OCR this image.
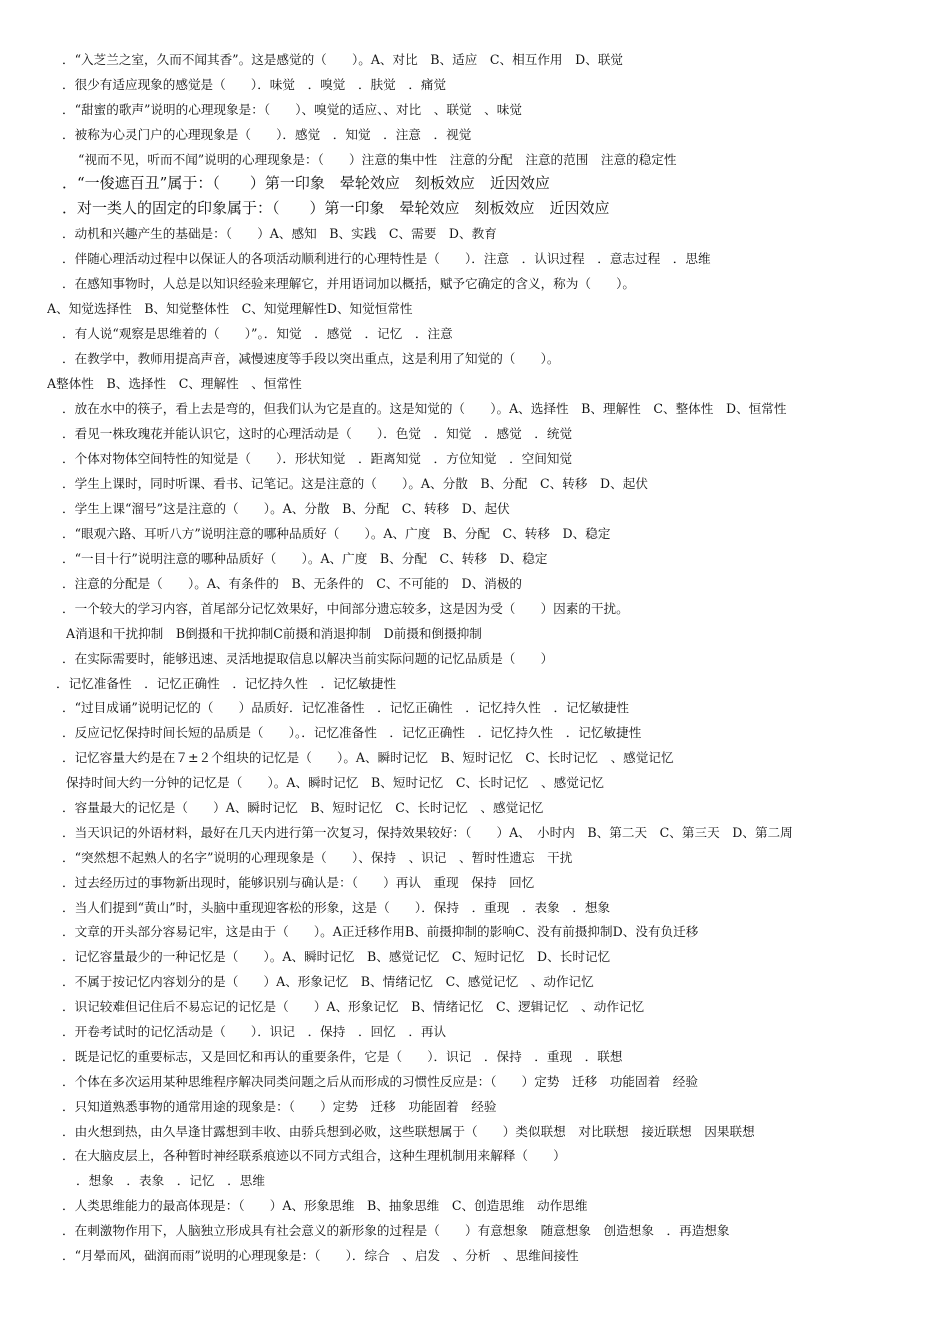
．“入芝兰之室，久而不闻其香”。这是感觉的（　　）。A、对比　B、适应　C、相互作用　D、联觉
．很少有适应现象的感觉是（　　）．味觉　．嗅觉　．肤觉　．痛觉
．“甜蜜的歌声”说明的心理现象是：（　　）、嗅觉的适应、、对比　、联觉　、味觉
．被称为心灵门户的心理现象是（　　）．感觉　．知觉　．注意　．视觉
“视而不见，听而不闻”说明的心理现象是：（　　）注意的集中性　注意的分配　注意的范围　注意的稳定性
．“一俊遮百丑”属于：（　　）第一印象　晕轮效应　刻板效应　近因效应
．对一类人的固定的印象属于：（　　）第一印象　晕轮效应　刻板效应　近因效应
．动机和兴趣产生的基础是：（　　）A、感知　B、实践　C、需要　D、教育
．伴随心理活动过程中以保证人的各项活动顺利进行的心理特性是（　　）．注意　．认识过程　．意志过程　．思维
．在感知事物时，人总是以知识经验来理解它，并用语词加以概括，赋予它确定的含义，称为（　　）。
A、知觉选择性　B、知觉整体性　C、知觉理解性D、知觉恒常性
．有人说“观察是思维着的（　　）”。．知觉　．感觉　．记忆　．注意
．在教学中，教师用提高声音，减慢速度等手段以突出重点，这是利用了知觉的（　　）。
A整体性　B、选择性　C、理解性　、恒常性
．放在水中的筷子，看上去是弯的，但我们认为它是直的。这是知觉的（　　）。A、选择性　B、理解性　C、整体性　D、恒常性
．看见一株玫瑰花并能认识它，这时的心理活动是（　　）．色觉　．知觉　．感觉　．统觉
．个体对物体空间特性的知觉是（　　）．形状知觉　．距离知觉　．方位知觉　．空间知觉
．学生上课时，同时听课、看书、记笔记。这是注意的（　　）。A、分散　B、分配　C、转移　D、起伏
．学生上课“溜号”这是注意的（　　）。A、分散　B、分配　C、转移　D、起伏
．“眼观六路、耳听八方”说明注意的哪种品质好（　　）。A、广度　B、分配　C、转移　D、稳定
．“一目十行”说明注意的哪种品质好（　　）。A、广度　B、分配　C、转移　D、稳定
．注意的分配是（　　）。A、有条件的　B、无条件的　C、不可能的　D、消极的
．一个较大的学习内容，首尾部分记忆效果好，中间部分遗忘较多，这是因为受（　　）因素的干扰。
A消退和干扰抑制　B倒摄和干扰抑制C前摄和消退抑制　D前摄和倒摄抑制
．在实际需要时，能够迅速、灵活地提取信息以解决当前实际问题的记忆品质是（　　）
．记忆准备性　．记忆正确性　．记忆持久性　．记忆敏捷性
．“过目成诵”说明记忆的（　　）品质好．记忆准备性　．记忆正确性　．记忆持久性　．记忆敏捷性
．反应记忆保持时间长短的品质是（　　）。．记忆准备性　．记忆正确性　．记忆持久性　．记忆敏捷性
．记忆容量大约是在７±２个组块的记忆是（　　）。A、瞬时记忆　B、短时记忆　C、长时记忆　、感觉记忆
保持时间大约一分钟的记忆是（　　）。A、瞬时记忆　B、短时记忆　C、长时记忆　、感觉记忆
．容量最大的记忆是（　　）A、瞬时记忆　B、短时记忆　C、长时记忆　、感觉记忆
．当天识记的外语材料，最好在几天内进行第一次复习，保持效果较好：（　　）A、　小时内　B、第二天　C、第三天　D、第二周
．“突然想不起熟人的名字”说明的心理现象是（　　）、保持　、识记　、暂时性遗忘　干扰
．过去经历过的事物新出现时，能够识别与确认是：（　　）再认　重现　保持　回忆
．当人们提到“黄山”时，头脑中重现迎客松的形象，这是（　　）．保持　．重现　．表象　．想象
．文章的开头部分容易记牢，这是由于（　　）。A正迁移作用B、前摄抑制的影响C、没有前摄抑制D、没有负迁移
．记忆容量最少的一种记忆是（　　）。A、瞬时记忆　B、感觉记忆　C、短时记忆　D、长时记忆
．不属于按记忆内容划分的是（　　）A、形象记忆　B、情绪记忆　C、感觉记忆　、动作记忆
．识记较难但记住后不易忘记的记忆是（　　）A、形象记忆　B、情绪记忆　C、逻辑记忆　、动作记忆
．开卷考试时的记忆活动是（　　）．识记　．保持　．回忆　．再认
．既是记忆的重要标志，又是回忆和再认的重要条件，它是（　　）．识记　．保持　．重现　．联想
．个体在多次运用某种思维程序解决同类问题之后从而形成的习惯性反应是：（　　）定势　迁移　功能固着　经验
．只知道熟悉事物的通常用途的现象是：（　　）定势　迁移　功能固着　经验
．由火想到热，由久旱逢甘露想到丰收、由骄兵想到必败，这些联想属于（　　）类似联想　对比联想　接近联想　因果联想
．在大脑皮层上，各种暂时神经联系痕迹以不同方式组合，这种生理机制用来解释（　　）
．想象　．表象　．记忆　．思维
．人类思维能力的最高体现是：（　　）A、形象思维　B、抽象思维　C、创造思维　动作思维
．在刺激物作用下，人脑独立形成具有社会意义的新形象的过程是（　　）有意想象　随意想象　创造想象　．再造想象
．“月晕而风，础润而雨”说明的心理现象是：（　　）．综合　、启发　、分析　、思维间接性
